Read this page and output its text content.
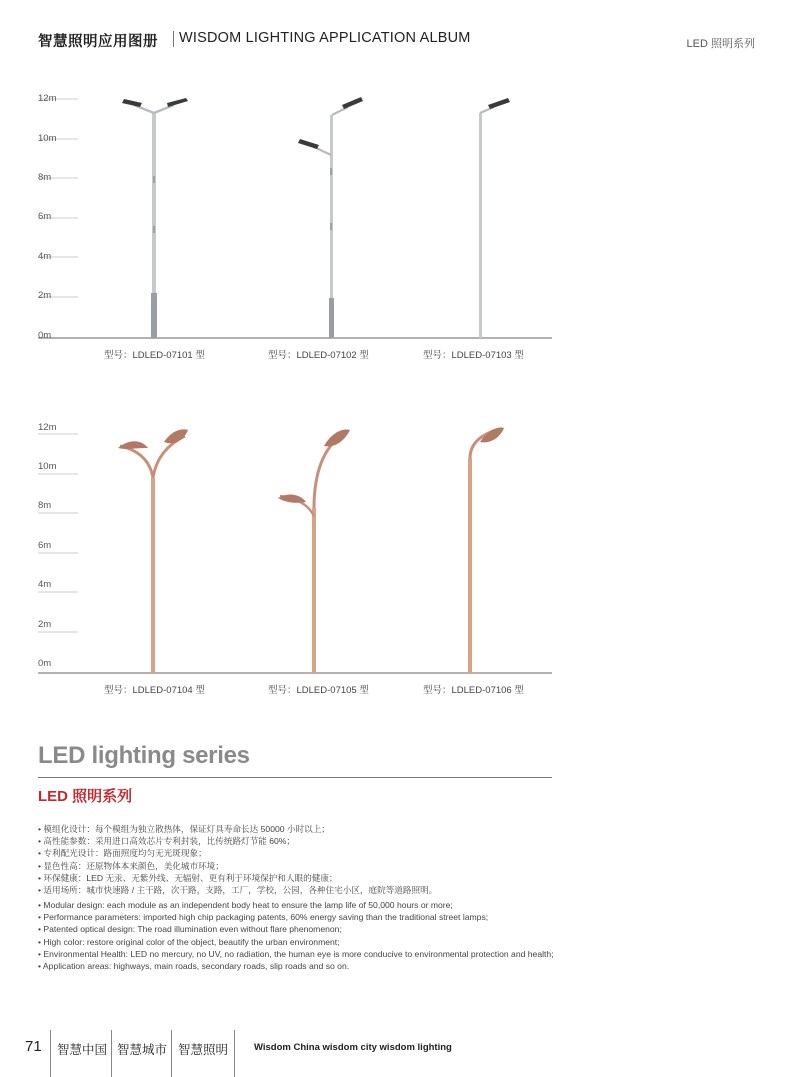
智慧照明应用图册 WISDOM LIGHTING APPLICATION ALBUM	LED 照明系列
12m
10m
8m
6m
4m
2m
0m
型号：LDLED-07101 型	型号：LDLED-07102 型	型号：LDLED-07103 型
12m
10m
8m
6m
4m
2m
0m
型号：LDLED-07104 型	型号：LDLED-07105 型	型号：LDLED-07106 型
LED lighting series
LED 照明系列
• 模组化设计：每个模组为独立散热体，保证灯具寿命长达 50000 小时以上；
• 高性能参数：采用进口高效芯片专利封装，比传统路灯节能 60%；
• 专利配光设计：路面照度均匀无光斑现象；
• 显色性高：还原物体本来颜色，美化城市环境；
• 环保健康：LED 无汞、无紫外线、无辐射、更有利于环境保护和人眼的健康；
• 适用场所：城市快速路 / 主干路，次干路，支路，工厂，学校，公园，各种住宅小区，庭院等道路照明。
• Modular design: each module as an independent body heat to ensure the lamp life of 50,000 hours or more;
• Performance parameters: imported high chip packaging patents, 60% energy saving than the traditional street lamps;
• Patented optical design: The road illumination even without flare phenomenon;
• High color: restore original color of the object, beautify the urban environment;
• Environmental Health: LED no mercury, no UV, no radiation, the human eye is more conducive to environmental protection and health;
• Application areas: highways, main roads, secondary roads, slip roads and so on.
71 智慧中国 智慧城市 智慧照明	Wisdom China wisdom city wisdom lighting
